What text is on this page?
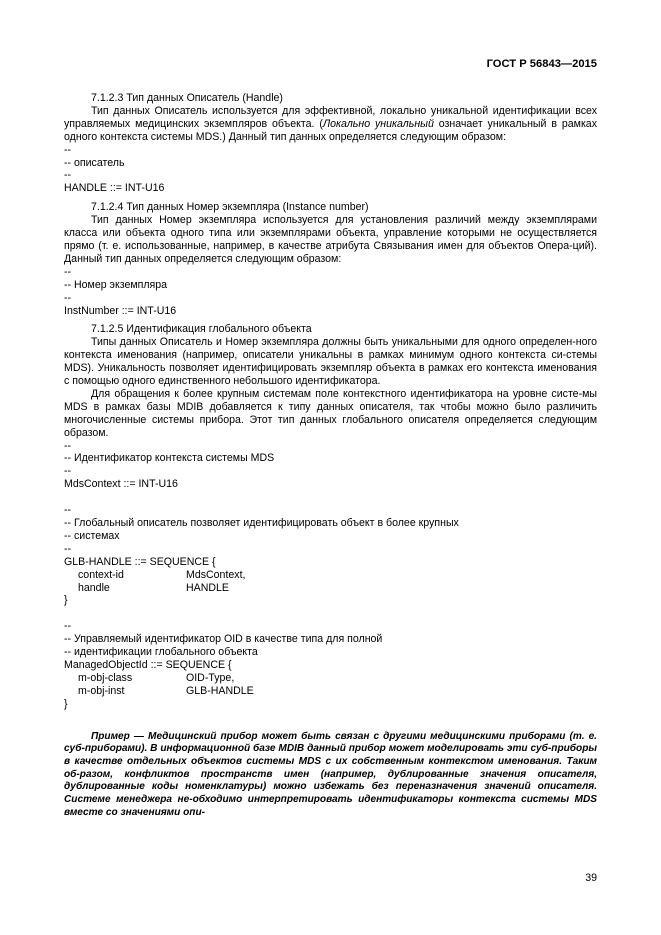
ГОСТ Р 56843—2015

7.1.2.3 Тип данных Описатель (Handle)

Тип данных Описатель используется для эффективной, локально уникальной идентификации всех управляемых медицинских экземпляров объекта. (Локально уникальный означает уникальный в рамках одного контекста системы MDS.) Данный тип данных определяется следующим образом:

--

-- описатель

--

HANDLE ::= INT-U16

7.1.2.4 Тип данных Номер экземпляра (Instance number)

Тип данных Номер экземпляра используется для установления различий между экземплярами класса или объекта одного типа или экземплярами объекта, управление которыми не осуществляется прямо (т. е. использованные, например, в качестве атрибута Связывания имен для объектов Опера-ций). Данный тип данных определяется следующим образом:

--

-- Номер экземпляра

--

InstNumber ::= INT-U16

7.1.2.5 Идентификация глобального объекта

Типы данных Описатель и Номер экземпляра должны быть уникальными для одного определен-ного контекста именования (например, описатели уникальны в рамках минимум одного контекста си-стемы MDS). Уникальность позволяет идентифицировать экземпляр объекта в рамках его контекста именования с помощью одного единственного небольшого идентификатора.

Для обращения к более крупным системам поле контекстного идентификатора на уровне систе-мы MDS в рамках базы MDIB добавляется к типу данных описателя, так чтобы можно было различить многочисленные системы прибора. Этот тип данных глобального описателя определяется следующим образом.

--

-- Идентификатор контекста системы MDS

--

MdsContext ::= INT-U16

--

-- Глобальный описатель позволяет идентифицировать объект в более крупных

-- системах

--

GLB-HANDLE ::= SEQUENCE {

context-id	MdsContext,
handle	HANDLE

}

--

-- Управляемый идентификатор OID в качестве типа для полной

-- идентификации глобального объекта

ManagedObjectId ::= SEQUENCE {

m-obj-class	OID-Type,
m-obj-inst	GLB-HANDLE

}

Пример — Медицинский прибор может быть связан с другими медицинскими приборами (т. е. суб-приборами). В информационной базе MDIB данный прибор может моделировать эти суб-приборы в качестве отдельных объектов системы MDS с их собственным контекстом именования. Таким об-разом, конфликтов пространств имен (например, дублированные значения описателя, дублированные коды номенклатуры) можно избежать без переназначения значений описателя. Системе менеджера не-обходимо интерпретировать идентификаторы контекста системы MDS вместе со значениями опи-

39
